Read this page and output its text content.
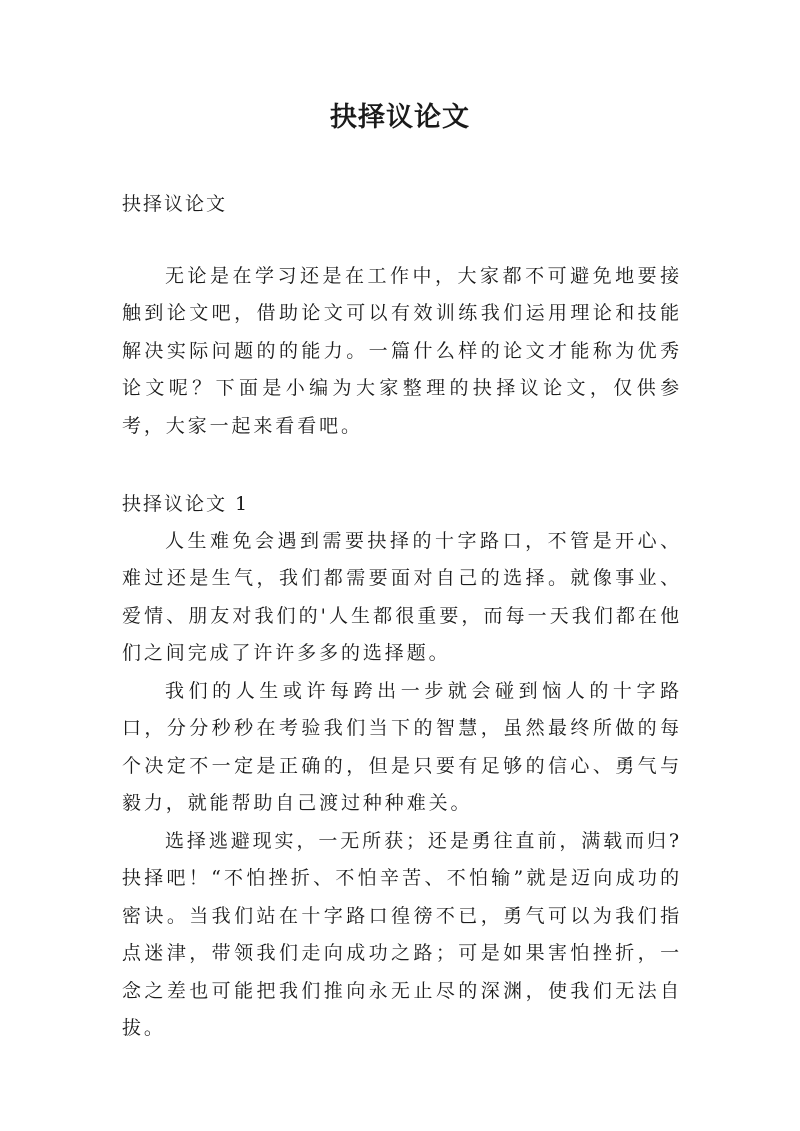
抉择议论文
抉择议论文

无论是在学习还是在工作中，大家都不可避免地要接触到论文吧，借助论文可以有效训练我们运用理论和技能解决实际问题的的能力。一篇什么样的论文才能称为优秀论文呢？下面是小编为大家整理的抉择议论文，仅供参考，大家一起来看看吧。

抉择议论文 1

人生难免会遇到需要抉择的十字路口，不管是开心、难过还是生气，我们都需要面对自己的选择。就像事业、爱情、朋友对我们的'人生都很重要，而每一天我们都在他们之间完成了许许多多的选择题。

我们的人生或许每跨出一步就会碰到恼人的十字路口，分分秒秒在考验我们当下的智慧，虽然最终所做的每个决定不一定是正确的，但是只要有足够的信心、勇气与毅力，就能帮助自己渡过种种难关。

选择逃避现实，一无所获；还是勇往直前，满载而归?抉择吧！“不怕挫折、不怕辛苦、不怕输”就是迈向成功的密诀。当我们站在十字路口徨徬不已，勇气可以为我们指点迷津，带领我们走向成功之路；可是如果害怕挫折，一念之差也可能把我们推向永无止尽的深渊，使我们无法自拔。
